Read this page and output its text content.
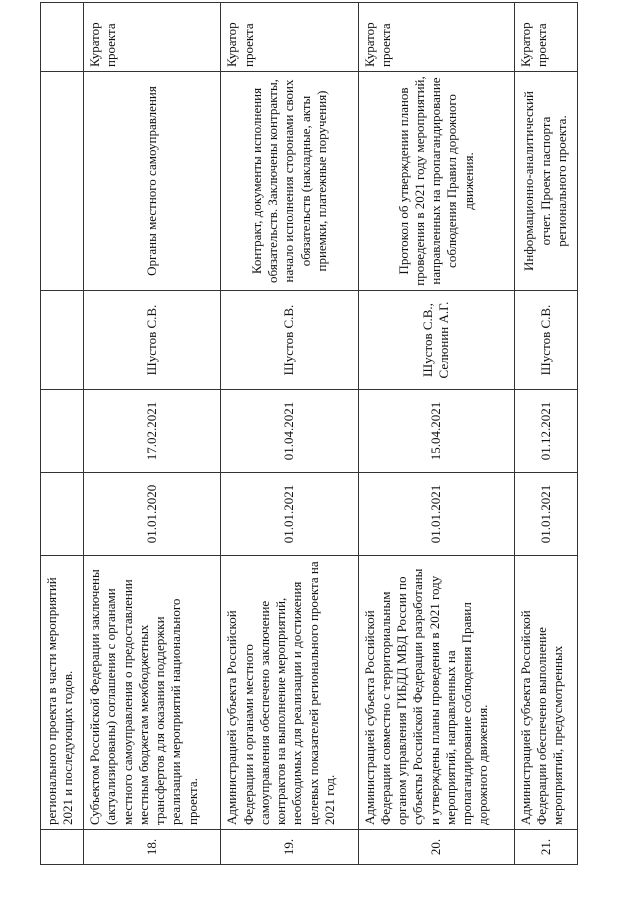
	регионального проекта в части мероприятий 2021 и последующих годов.					
18.	Субъектом Российской Федерации заключены (актуализированы) соглашения с органами местного самоуправления о предоставлении местным бюджетам межбюджетных трансфертов для оказания поддержки реализации мероприятий национального проекта.	01.01.2020	17.02.2021	Шустов С.В.	Органы местного самоуправления	Куратор проекта
19.	Администрацией субъекта Российской Федерации и органами местного самоуправления обеспечено заключение контрактов на выполнение мероприятий, необходимых для реализации и достижения целевых показателей регионального проекта на 2021 год.	01.01.2021	01.04.2021	Шустов С.В.	Контракт, документы исполнения обязательств. Заключены контракты, начало исполнения сторонами своих обязательств (накладные, акты приемки, платежные поручения)	Куратор проекта
20.	Администрацией субъекта Российской Федерации совместно с территориальным органом управления ГИБДД МВД России по субъекты Российской Федерации разработаны и утверждены планы проведения в 2021 году мероприятий, направленных на пропагандирование соблюдения Правил дорожного движения.	01.01.2021	15.04.2021	Шустов С.В., Селюнин А.Г.	Протокол об утверждении планов проведения в 2021 году мероприятий, направленных на пропагандирование соблюдения Правил дорожного движения.	Куратор проекта
21.	Администрацией субъекта Российской Федерации обеспечено выполнение мероприятий, предусмотренных	01.01.2021	01.12.2021	Шустов С.В.	Информационно-аналитический отчет. Проект паспорта регионального проекта.	Куратор проекта
